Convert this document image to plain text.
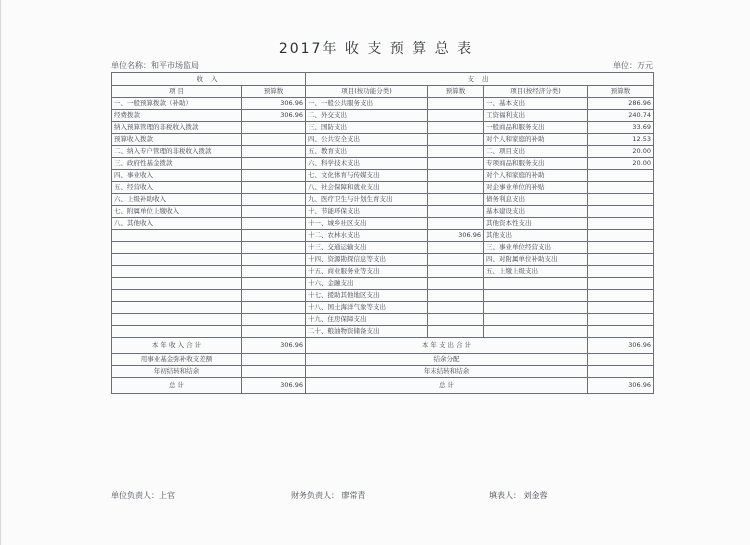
2017年 收 支 预 算 总 表
单位名称：和平市场监局	单位：万元
收 入		支 出			
项 目	预算数	项目(按功能分类)	预算数	项目(按经济分类)	预算数
一、一般预算拨款（补助）	306.96	一、一般公共服务支出		一、基本支出	286.96
经费拨款	306.96	二、外交支出		工资福利支出	240.74
纳入预算管理的非税收入拨款		三、国防支出		一般商品和服务支出	33.69
预算收入拨款		四、公共安全支出		对个人和家庭的补助	12.53
二、纳入专户管理的非税收入拨款		五、教育支出		二、项目支出	20.00
三、政府性基金拨款		六、科学技术支出		专项商品和服务支出	20.00
四、事业收入		七、文化体育与传媒支出		对个人和家庭的补助	
五、经营收入		八、社会保障和就业支出		对企事业单位的补贴	
六、上级补助收入		九、医疗卫生与计划生育支出		债务利息支出	
七、附属单位上缴收入		十、节能环保支出		基本建设支出	
八、其他收入		十一、城乡社区支出		其他资本性支出	
		十二、农林水支出	306.96	其他支出	
		十三、交通运输支出		三、事业单位经营支出	
		十四、资源勘探信息等支出		四、对附属单位补助支出	
		十五、商业服务业等支出		五、上缴上级支出	
		十六、金融支出			
		十七、援助其他地区支出			
		十八、国土海洋气象等支出			
		十九、住房保障支出			
		二十、粮油物资储备支出			
本 年 收 入 合 计	306.96	本 年 支 出 合 计			306.96
用事业基金弥补收支差额		结余分配			
年初结转和结余		年末结转和结余			
总 计	306.96	总 计			306.96
单位负责人：上官	财务负责人： 廖常青	填表人： 刘金蓉
